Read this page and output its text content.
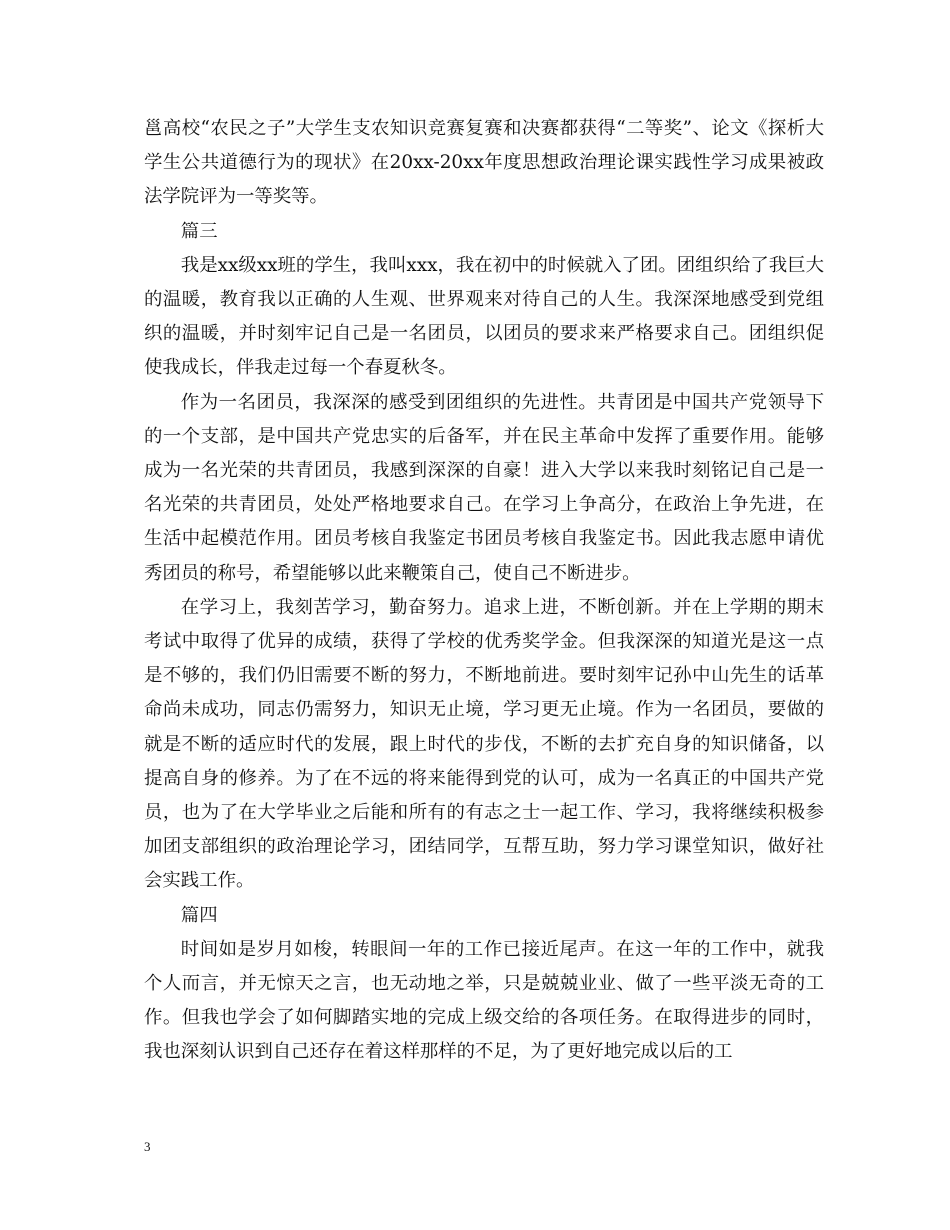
邕高校“农民之子”大学生支农知识竞赛复赛和决赛都获得“二等奖”、论文《探析大学生公共道德行为的现状》在20xx-20xx年度思想政治理论课实践性学习成果被政法学院评为一等奖等。

篇三

我是xx级xx班的学生，我叫xxx，我在初中的时候就入了团。团组织给了我巨大的温暖，教育我以正确的人生观、世界观来对待自己的人生。我深深地感受到党组织的温暖，并时刻牢记自己是一名团员，以团员的要求来严格要求自己。团组织促使我成长，伴我走过每一个春夏秋冬。

作为一名团员，我深深的感受到团组织的先进性。共青团是中国共产党领导下的一个支部，是中国共产党忠实的后备军，并在民主革命中发挥了重要作用。能够成为一名光荣的共青团员，我感到深深的自豪！进入大学以来我时刻铭记自己是一名光荣的共青团员，处处严格地要求自己。在学习上争高分，在政治上争先进，在生活中起模范作用。团员考核自我鉴定书团员考核自我鉴定书。因此我志愿申请优秀团员的称号，希望能够以此来鞭策自己，使自己不断进步。

在学习上，我刻苦学习，勤奋努力。追求上进，不断创新。并在上学期的期末考试中取得了优异的成绩，获得了学校的优秀奖学金。但我深深的知道光是这一点是不够的，我们仍旧需要不断的努力，不断地前进。要时刻牢记孙中山先生的话革命尚未成功，同志仍需努力，知识无止境，学习更无止境。作为一名团员，要做的就是不断的适应时代的发展，跟上时代的步伐，不断的去扩充自身的知识储备，以提高自身的修养。为了在不远的将来能得到党的认可，成为一名真正的中国共产党员，也为了在大学毕业之后能和所有的有志之士一起工作、学习，我将继续积极参加团支部组织的政治理论学习，团结同学，互帮互助，努力学习课堂知识，做好社会实践工作。

篇四

时间如是岁月如梭，转眼间一年的工作已接近尾声。在这一年的工作中，就我个人而言，并无惊天之言，也无动地之举，只是兢兢业业、做了一些平淡无奇的工作。但我也学会了如何脚踏实地的完成上级交给的各项任务。在取得进步的同时，我也深刻认识到自己还存在着这样那样的不足，为了更好地完成以后的工

3
